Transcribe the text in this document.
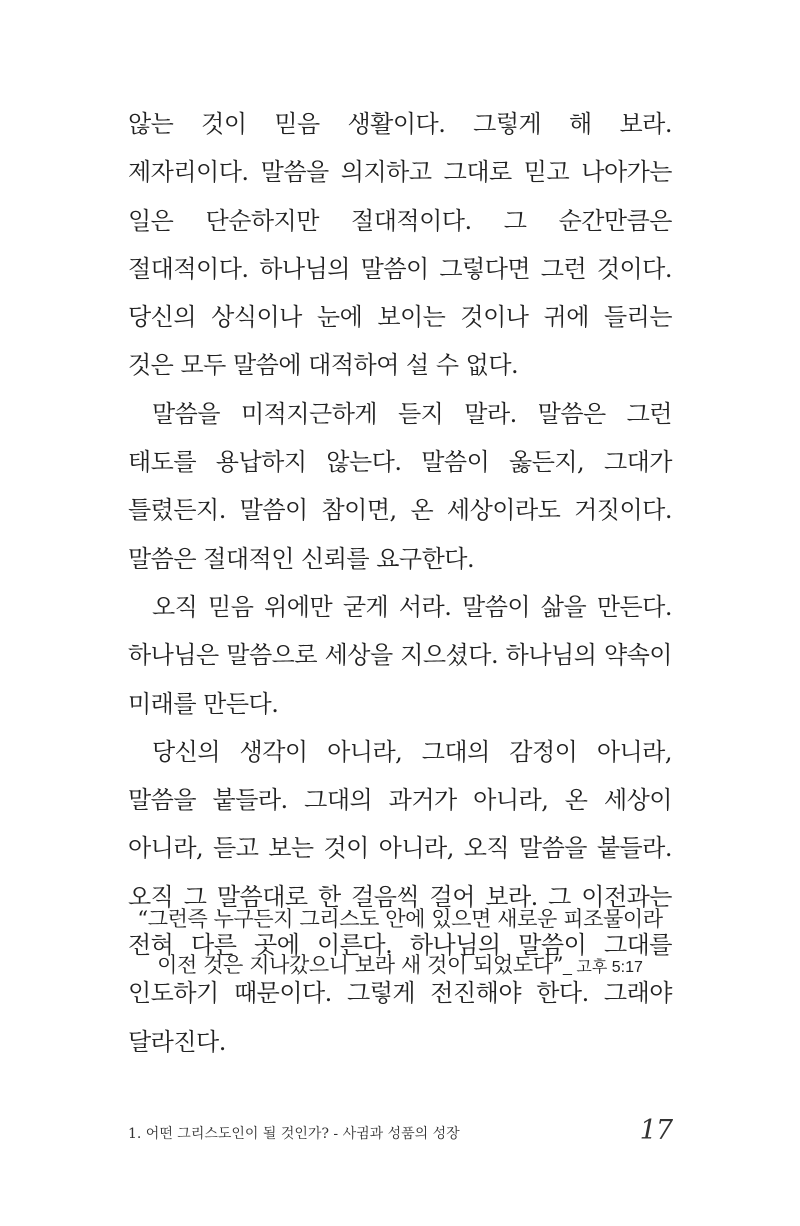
않는 것이 믿음 생활이다. 그렇게 해 보라. 제자리이다. 말씀을 의지하고 그대로 믿고 나아가는 일은 단순하지만 절대적이다. 그 순간만큼은 절대적이다. 하나님의 말씀이 그렇다면 그런 것이다. 당신의 상식이나 눈에 보이는 것이나 귀에 들리는 것은 모두 말씀에 대적하여 설 수 없다.

말씀을 미적지근하게 듣지 말라. 말씀은 그런 태도를 용납하지 않는다. 말씀이 옳든지, 그대가 틀렸든지. 말씀이 참이면, 온 세상이라도 거짓이다. 말씀은 절대적인 신뢰를 요구한다.

오직 믿음 위에만 굳게 서라. 말씀이 삶을 만든다. 하나님은 말씀으로 세상을 지으셨다. 하나님의 약속이 미래를 만든다.

당신의 생각이 아니라, 그대의 감정이 아니라, 말씀을 붙들라. 그대의 과거가 아니라, 온 세상이 아니라, 듣고 보는 것이 아니라, 오직 말씀을 붙들라. 오직 그 말씀대로 한 걸음씩 걸어 보라. 그 이전과는 전혀 다른 곳에 이른다. 하나님의 말씀이 그대를 인도하기 때문이다. 그렇게 전진해야 한다. 그래야 달라진다.

“그런즉 누구든지 그리스도 안에 있으면 새로운 피조물이라
이전 것은 지나갔으니 보라 새 것이 되었도다”_ 고후 5:17
1. 어떤 그리스도인이 될 것인가? - 사귐과 성품의 성장	17
